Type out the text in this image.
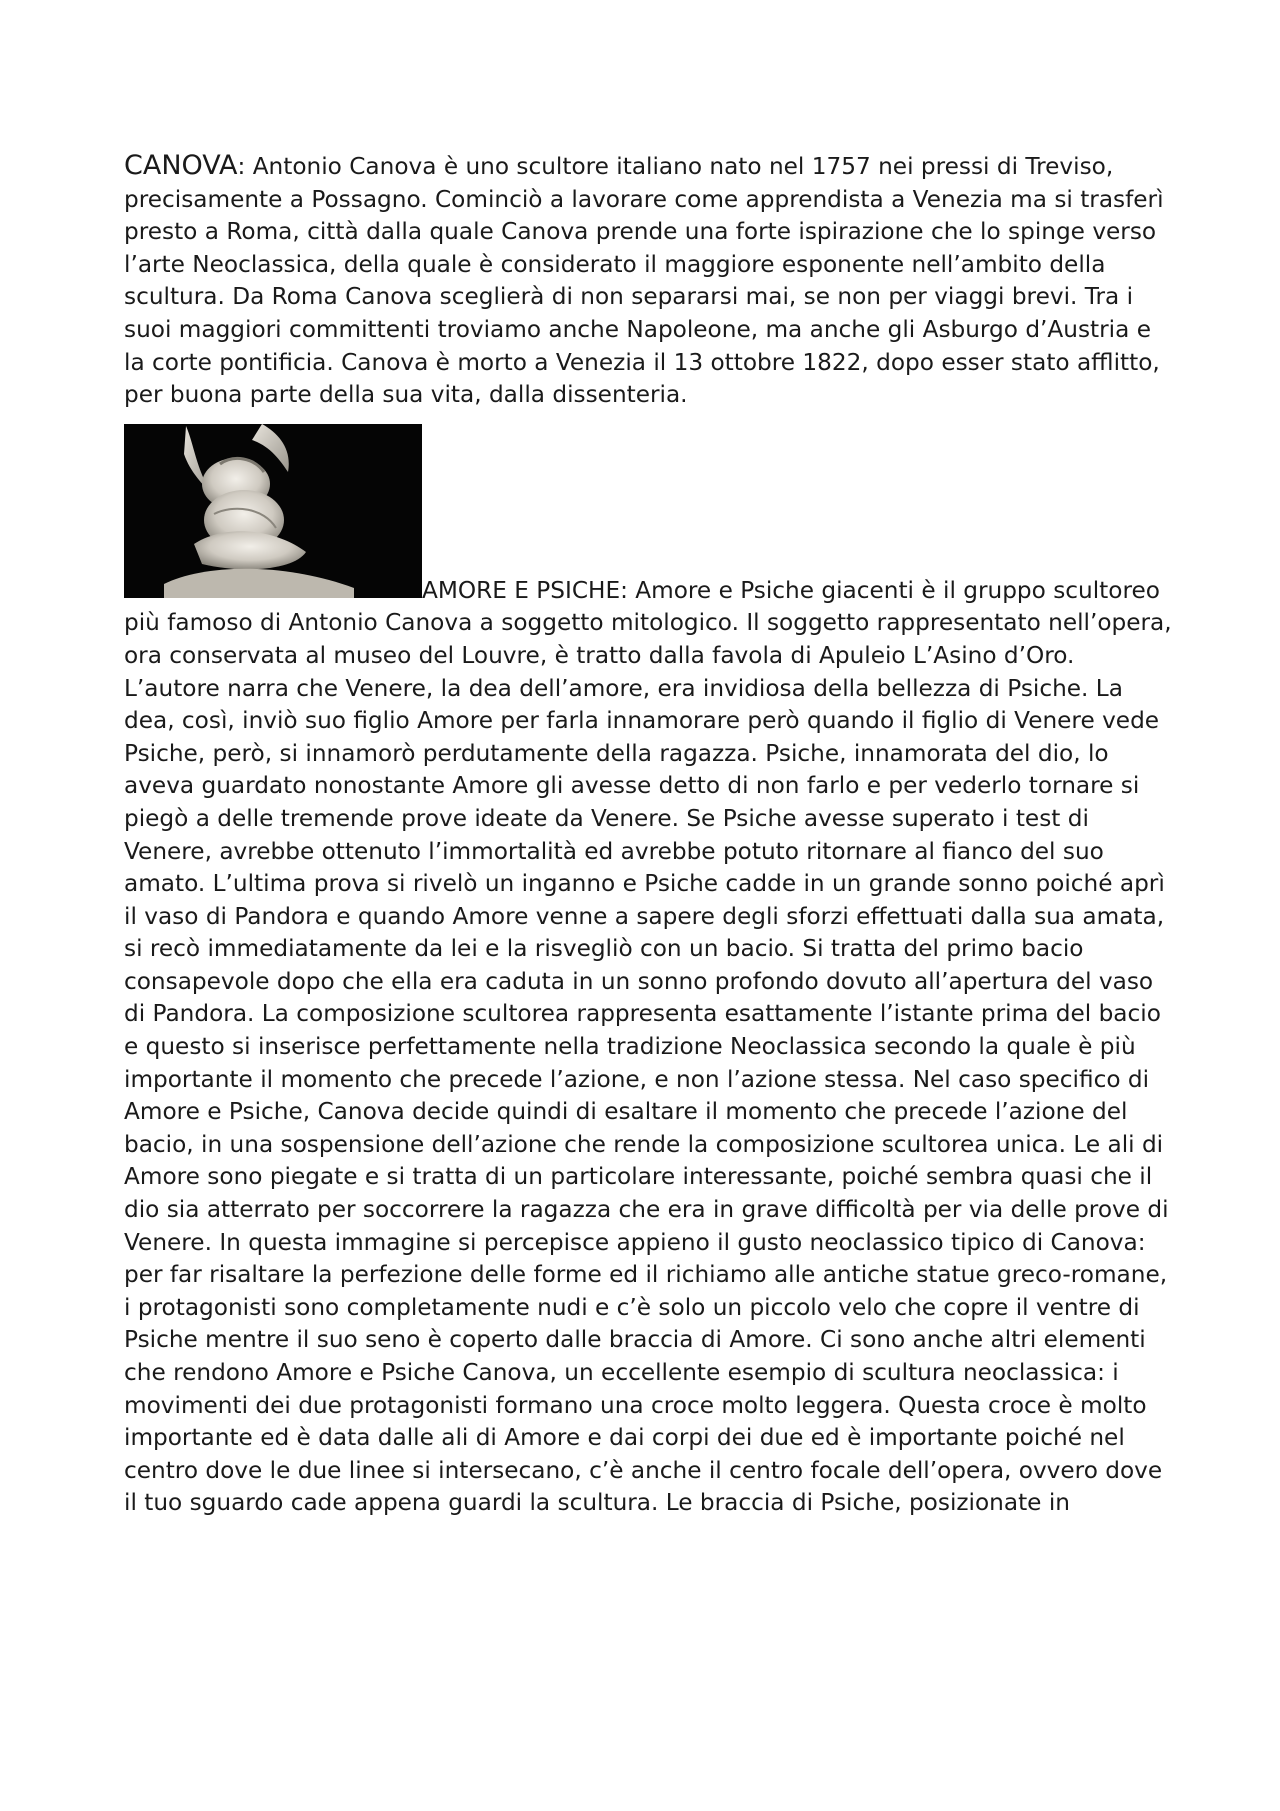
CANOVA: Antonio Canova è uno scultore italiano nato nel 1757 nei pressi di Treviso, precisamente a Possagno. Cominciò a lavorare come apprendista a Venezia ma si trasferì presto a Roma, città dalla quale Canova prende una forte ispirazione che lo spinge verso l’arte Neoclassica, della quale è considerato il maggiore esponente nell’ambito della scultura. Da Roma Canova sceglierà di non separarsi mai, se non per viaggi brevi. Tra i suoi maggiori committenti troviamo anche Napoleone, ma anche gli Asburgo d’Austria e la corte pontificia. Canova è morto a Venezia il 13 ottobre 1822, dopo esser stato afflitto, per buona parte della sua vita, dalla dissenteria.

AMORE E PSICHE: Amore e Psiche giacenti è il gruppo scultoreo più famoso di Antonio Canova a soggetto mitologico. Il soggetto rappresentato nell’opera, ora conservata al museo del Louvre, è tratto dalla favola di Apuleio L’Asino d’Oro. L’autore narra che Venere, la dea dell’amore, era invidiosa della bellezza di Psiche. La dea, così, inviò suo figlio Amore per farla innamorare però quando il figlio di Venere vede Psiche, però, si innamorò perdutamente della ragazza. Psiche, innamorata del dio, lo aveva guardato nonostante Amore gli avesse detto di non farlo e per vederlo tornare si piegò a delle tremende prove ideate da Venere. Se Psiche avesse superato i test di Venere, avrebbe ottenuto l’immortalità ed avrebbe potuto ritornare al fianco del suo amato. L’ultima prova si rivelò un inganno e Psiche cadde in un grande sonno poiché aprì il vaso di Pandora e quando Amore venne a sapere degli sforzi effettuati dalla sua amata, si recò immediatamente da lei e la risvegliò con un bacio. Si tratta del primo bacio consapevole dopo che ella era caduta in un sonno profondo dovuto all’apertura del vaso di Pandora. La composizione scultorea rappresenta esattamente l’istante prima del bacio e questo si inserisce perfettamente nella tradizione Neoclassica secondo la quale è più importante il momento che precede l’azione, e non l’azione stessa. Nel caso specifico di Amore e Psiche, Canova decide quindi di esaltare il momento che precede l’azione del bacio, in una sospensione dell’azione che rende la composizione scultorea unica. Le ali di Amore sono piegate e si tratta di un particolare interessante, poiché sembra quasi che il dio sia atterrato per soccorrere la ragazza che era in grave difficoltà per via delle prove di Venere. In questa immagine si percepisce appieno il gusto neoclassico tipico di Canova: per far risaltare la perfezione delle forme ed il richiamo alle antiche statue greco-romane, i protagonisti sono completamente nudi e c’è solo un piccolo velo che copre il ventre di Psiche mentre il suo seno è coperto dalle braccia di Amore. Ci sono anche altri elementi che rendono Amore e Psiche Canova, un eccellente esempio di scultura neoclassica: i movimenti dei due protagonisti formano una croce molto leggera. Questa croce è molto importante ed è data dalle ali di Amore e dai corpi dei due ed è importante poiché nel centro dove le due linee si intersecano, c’è anche il centro focale dell’opera, ovvero dove il tuo sguardo cade appena guardi la scultura. Le braccia di Psiche, posizionate in
